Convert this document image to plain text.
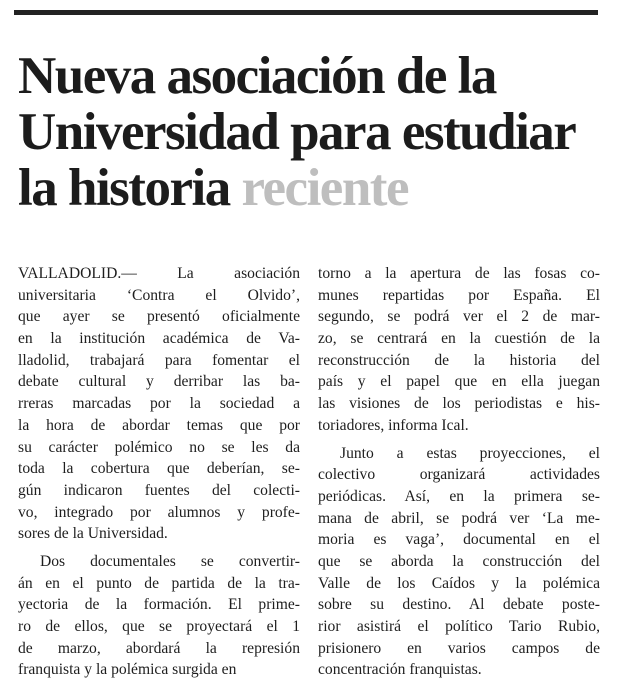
Nueva asociación de la
Universidad para estudiar
la historia reciente
VALLADOLID.— La asociación
universitaria ‘Contra el Olvido’,
que ayer se presentó oficialmente
en la institución académica de Va-
lladolid, trabajará para fomentar el
debate cultural y derribar las ba-
rreras marcadas por la sociedad a
la hora de abordar temas que por
su carácter polémico no se les da
toda la cobertura que deberían, se-
gún indicaron fuentes del colecti-
vo, integrado por alumnos y profe-
sores de la Universidad.
Dos documentales se convertir-
án en el punto de partida de la tra-
yectoria de la formación. El prime-
ro de ellos, que se proyectará el 1
de marzo, abordará la represión
franquista y la polémica surgida en
torno a la apertura de las fosas co-
munes repartidas por España. El
segundo, se podrá ver el 2 de mar-
zo, se centrará en la cuestión de la
reconstrucción de la historia del
país y el papel que en ella juegan
las visiones de los periodistas e his-
toriadores, informa Ical.
Junto a estas proyecciones, el
colectivo organizará actividades
periódicas. Así, en la primera se-
mana de abril, se podrá ver ‘La me-
moria es vaga’, documental en el
que se aborda la construcción del
Valle de los Caídos y la polémica
sobre su destino. Al debate poste-
rior asistirá el político Tario Rubio,
prisionero en varios campos de
concentración franquistas.
